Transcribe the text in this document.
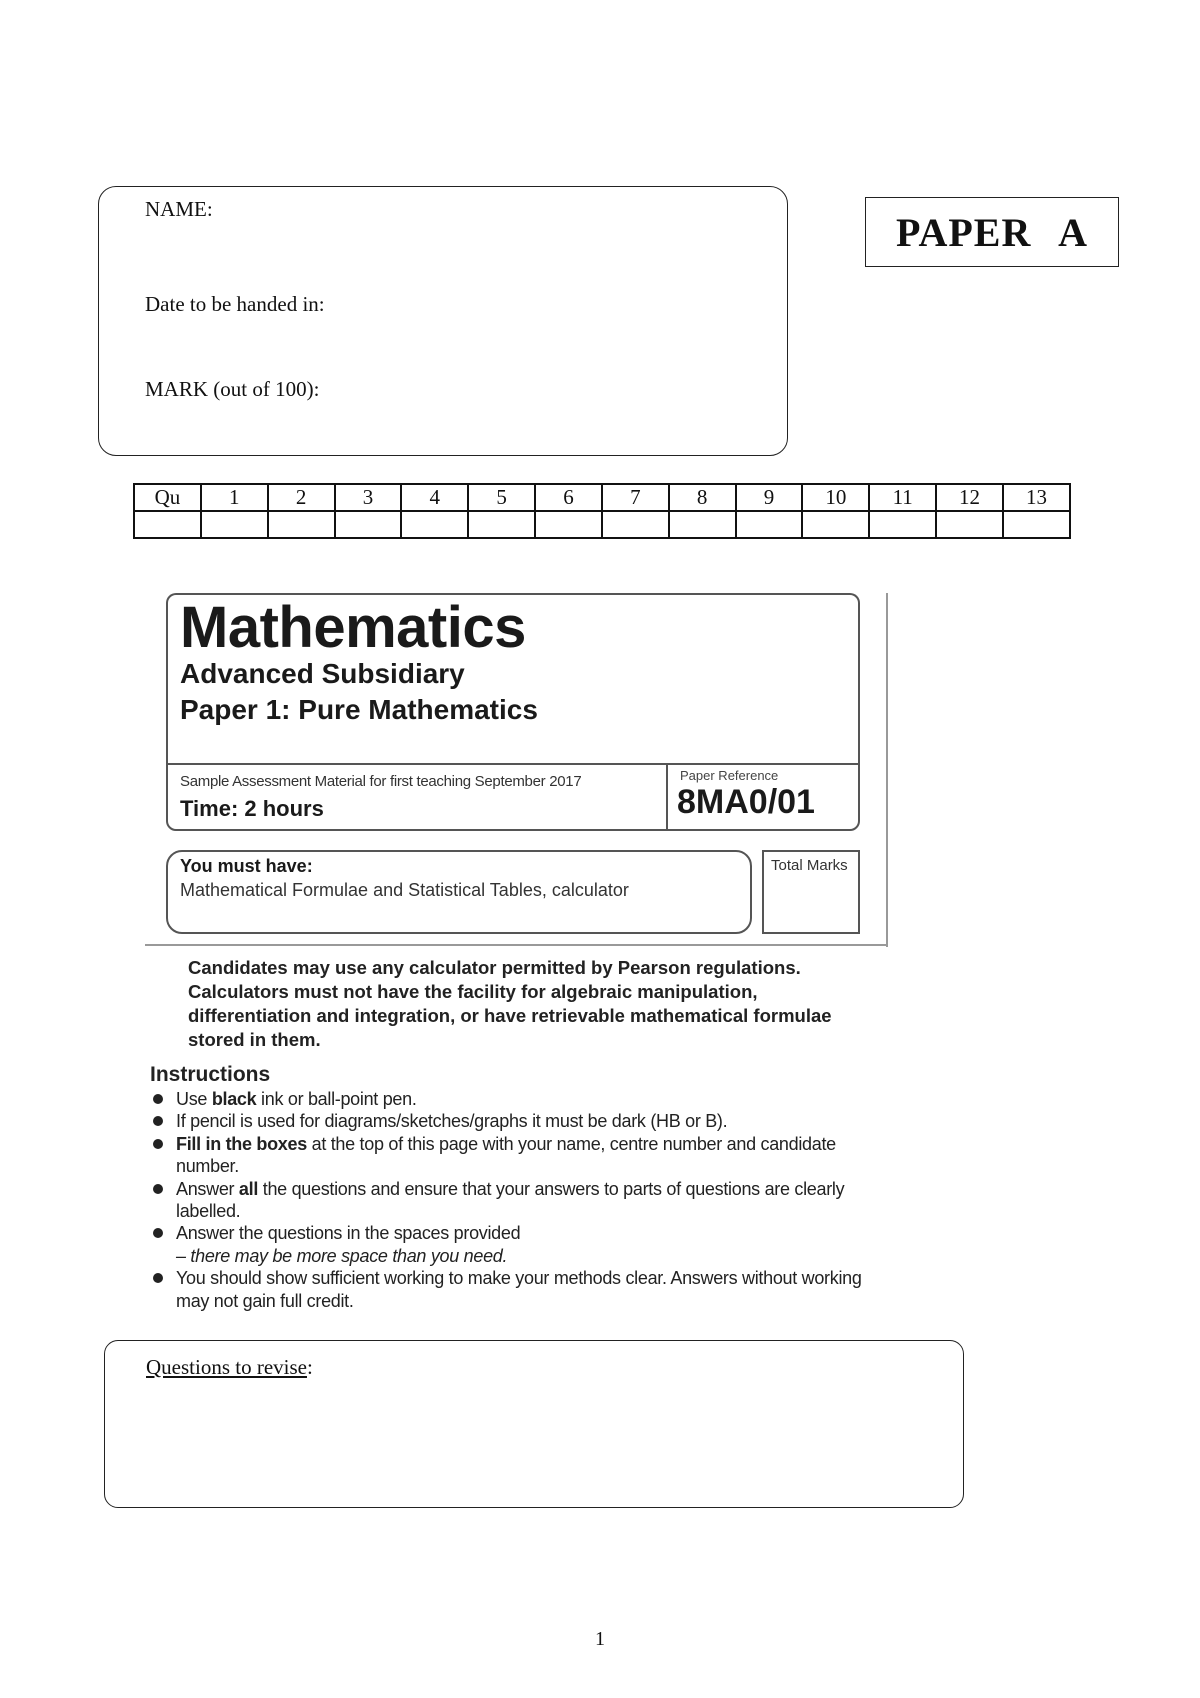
NAME:
Date to be handed in:
MARK (out of 100):
PAPER A
Qu	1	2	3	4	5	6	7	8	9	10	11	12	13

Mathematics
Advanced Subsidiary
Paper 1: Pure Mathematics
Sample Assessment Material for first teaching September 2017
Time: 2 hours
Paper Reference
8MA0/01
You must have:
Mathematical Formulae and Statistical Tables, calculator
Total Marks
Candidates may use any calculator permitted by Pearson regulations. Calculators must not have the facility for algebraic manipulation, differentiation and integration, or have retrievable mathematical formulae stored in them.
Instructions
Use black ink or ball-point pen.
If pencil is used for diagrams/sketches/graphs it must be dark (HB or B).
Fill in the boxes at the top of this page with your name, centre number and candidate number.
Answer all the questions and ensure that your answers to parts of questions are clearly labelled.
Answer the questions in the spaces provided
– there may be more space than you need.
You should show sufficient working to make your methods clear. Answers without working may not gain full credit.
Questions to revise:
1
